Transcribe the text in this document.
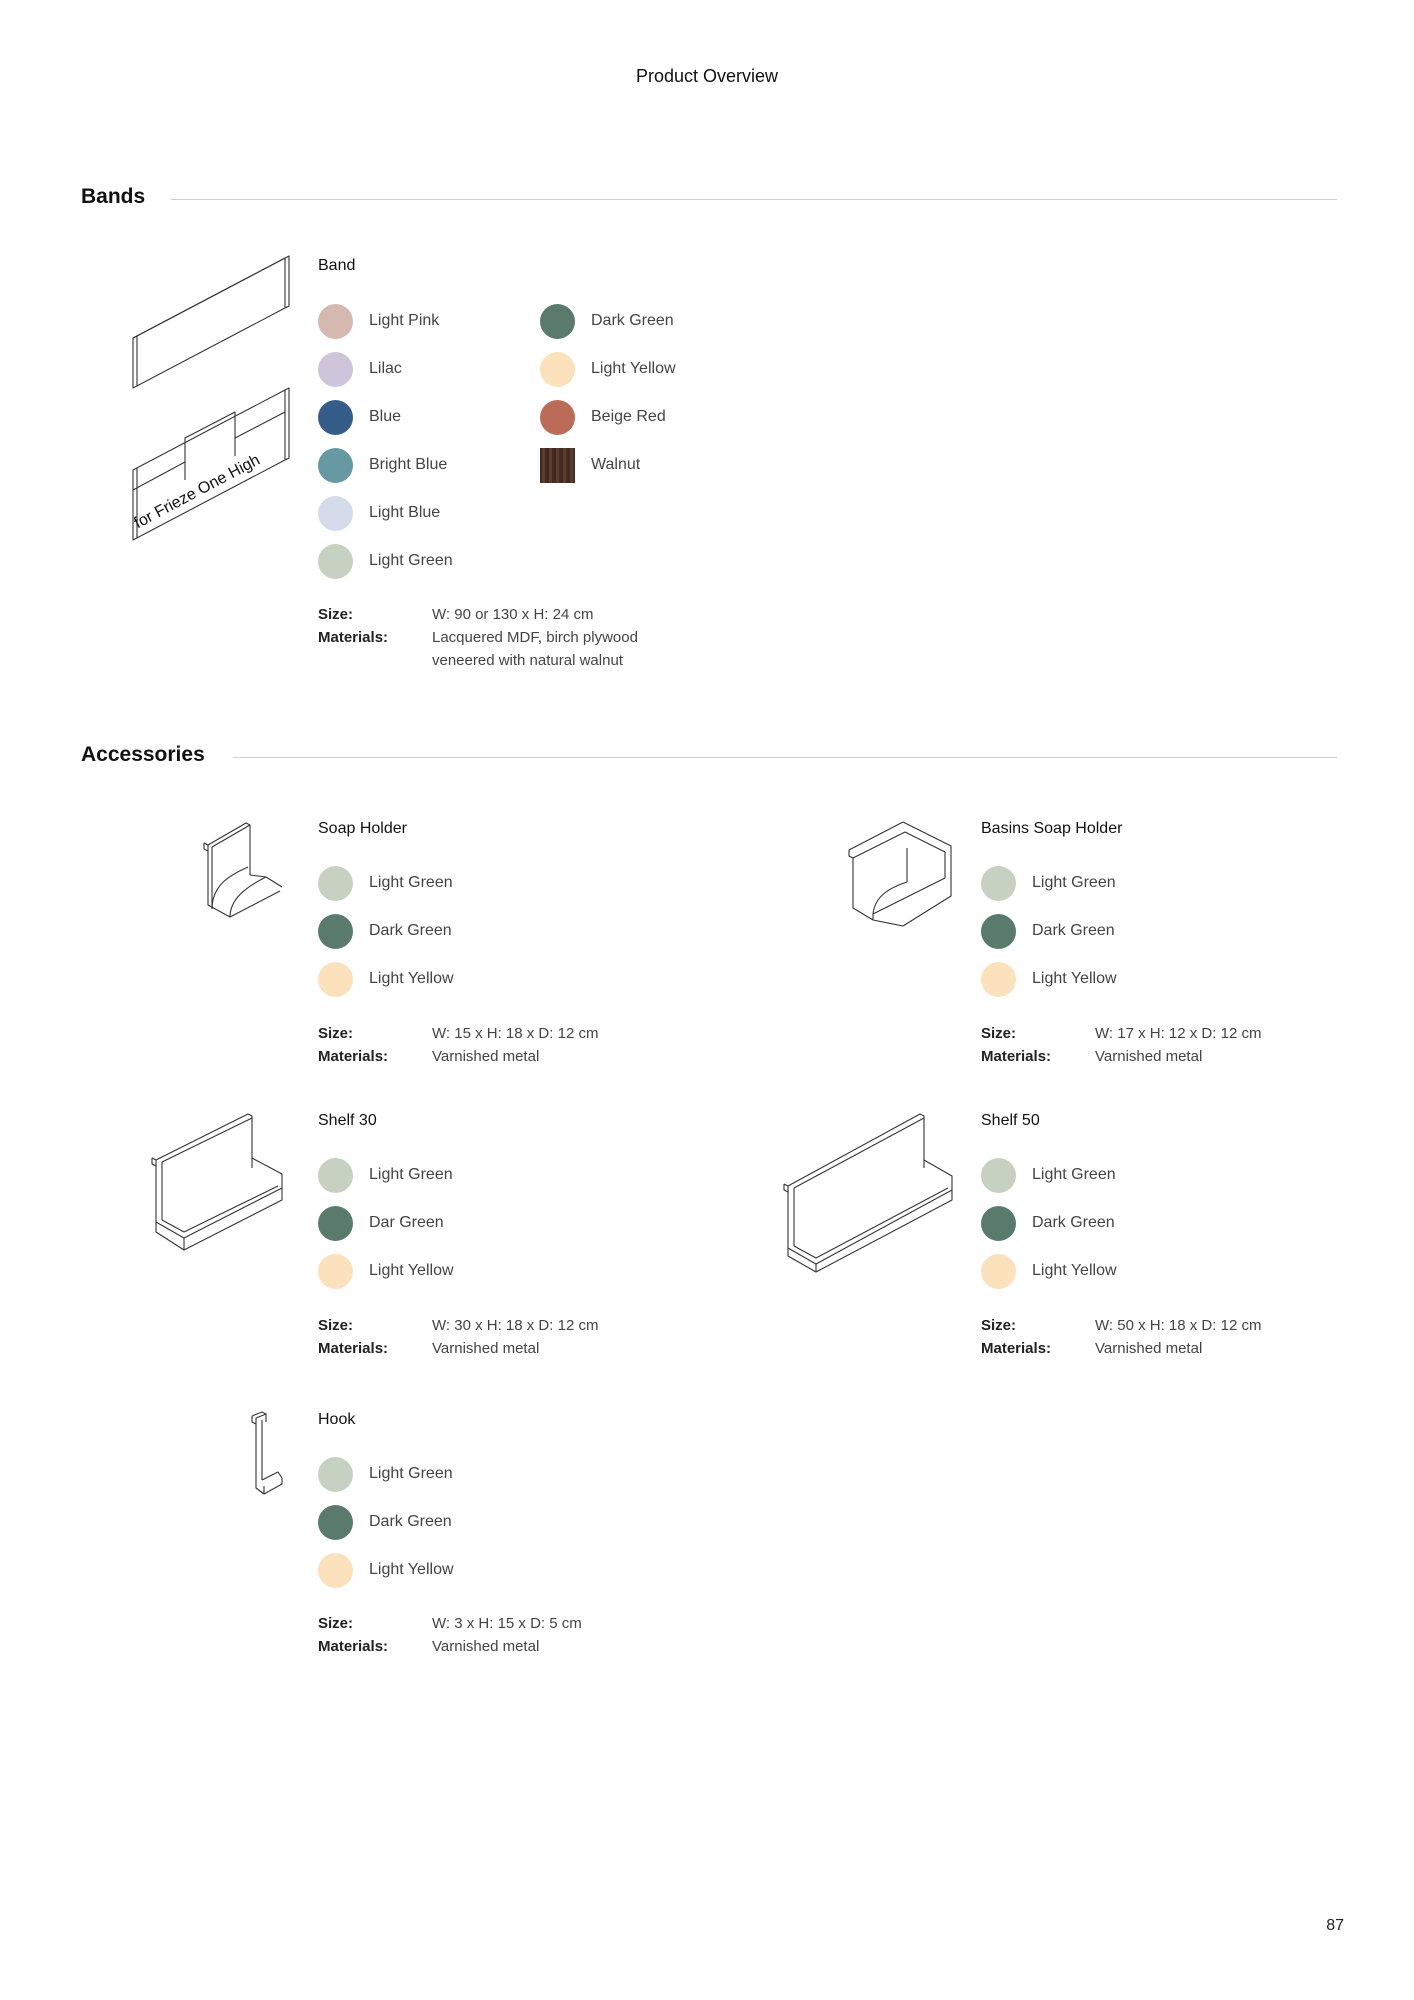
Product Overview
Bands
for Frieze One High
Band
Light Pink
Lilac
Blue
Bright Blue
Light Blue
Light Green
Dark Green
Light Yellow
Beige Red
Walnut
Size:	W: 90 or 130 x H: 24 cm
Materials:	Lacquered MDF, birch plywood veneered with natural walnut
Accessories
Soap Holder
Light Green
Dark Green
Light Yellow
Size:	W: 15 x H: 18 x D: 12 cm
Materials:	Varnished metal
Basins Soap Holder
Light Green
Dark Green
Light Yellow
Size:	W: 17 x H: 12 x D: 12 cm
Materials:	Varnished metal
Shelf 30
Light Green
Dar Green
Light Yellow
Size:	W: 30 x H: 18 x D: 12 cm
Materials:	Varnished metal
Shelf 50
Light Green
Dark Green
Light Yellow
Size:	W: 50 x H: 18 x D: 12 cm
Materials:	Varnished metal
Hook
Light Green
Dark Green
Light Yellow
Size:	W: 3 x H: 15 x D: 5 cm
Materials:	Varnished metal
87
